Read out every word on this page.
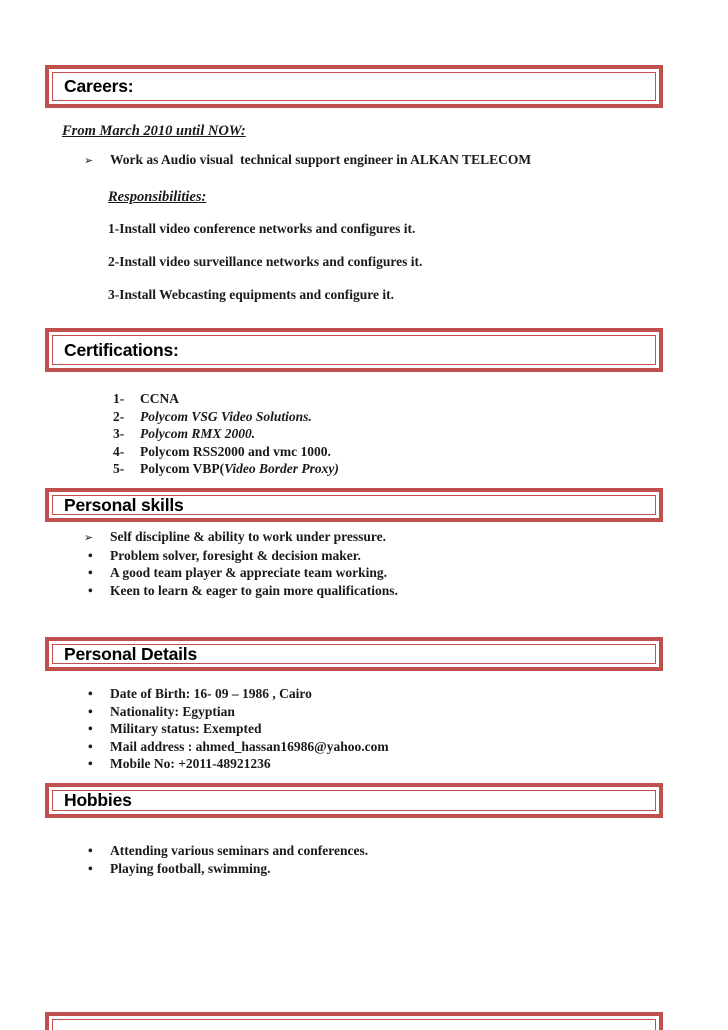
Careers:
From March 2010 until NOW:
➢ Work as Audio visual  technical support engineer in ALKAN TELECOM
Responsibilities:
1-Install video conference networks and configures it.
2-Install video surveillance networks and configures it.
3-Install Webcasting equipments and configure it.
Certifications:
1- CCNA
2- Polycom VSG Video Solutions.
3- Polycom RMX 2000.
4- Polycom RSS2000 and vmc 1000.
5- Polycom VBP(Video Border Proxy)
Personal skills
➢ Self discipline & ability to work under pressure.
• Problem solver, foresight & decision maker.
• A good team player & appreciate team working.
• Keen to learn & eager to gain more qualifications.
Personal Details
• Date of Birth: 16- 09 – 1986 , Cairo
• Nationality: Egyptian
• Military status: Exempted
• Mail address : ahmed_hassan16986@yahoo.com
• Mobile No: +2011-48921236
Hobbies
• Attending various seminars and conferences.
• Playing football, swimming.
